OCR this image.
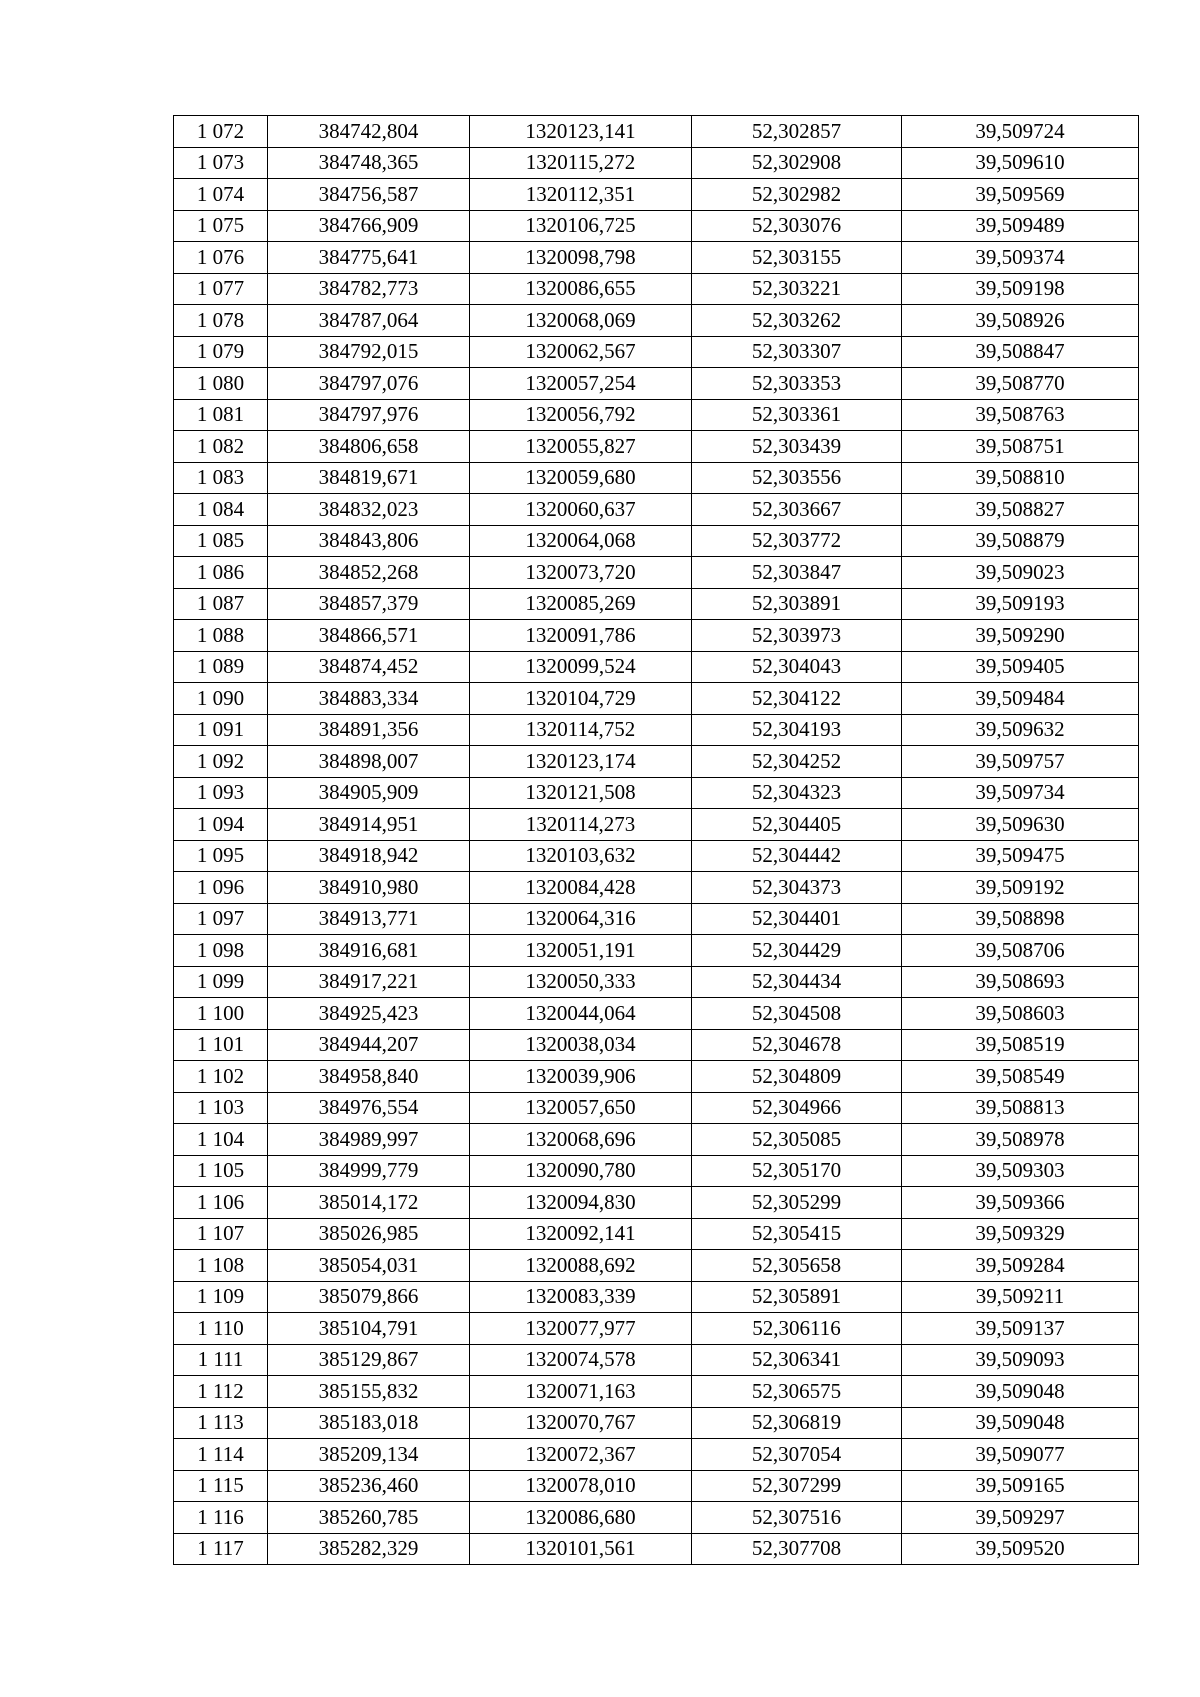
1 072	384742,804	1320123,141	52,302857	39,509724
1 073	384748,365	1320115,272	52,302908	39,509610
1 074	384756,587	1320112,351	52,302982	39,509569
1 075	384766,909	1320106,725	52,303076	39,509489
1 076	384775,641	1320098,798	52,303155	39,509374
1 077	384782,773	1320086,655	52,303221	39,509198
1 078	384787,064	1320068,069	52,303262	39,508926
1 079	384792,015	1320062,567	52,303307	39,508847
1 080	384797,076	1320057,254	52,303353	39,508770
1 081	384797,976	1320056,792	52,303361	39,508763
1 082	384806,658	1320055,827	52,303439	39,508751
1 083	384819,671	1320059,680	52,303556	39,508810
1 084	384832,023	1320060,637	52,303667	39,508827
1 085	384843,806	1320064,068	52,303772	39,508879
1 086	384852,268	1320073,720	52,303847	39,509023
1 087	384857,379	1320085,269	52,303891	39,509193
1 088	384866,571	1320091,786	52,303973	39,509290
1 089	384874,452	1320099,524	52,304043	39,509405
1 090	384883,334	1320104,729	52,304122	39,509484
1 091	384891,356	1320114,752	52,304193	39,509632
1 092	384898,007	1320123,174	52,304252	39,509757
1 093	384905,909	1320121,508	52,304323	39,509734
1 094	384914,951	1320114,273	52,304405	39,509630
1 095	384918,942	1320103,632	52,304442	39,509475
1 096	384910,980	1320084,428	52,304373	39,509192
1 097	384913,771	1320064,316	52,304401	39,508898
1 098	384916,681	1320051,191	52,304429	39,508706
1 099	384917,221	1320050,333	52,304434	39,508693
1 100	384925,423	1320044,064	52,304508	39,508603
1 101	384944,207	1320038,034	52,304678	39,508519
1 102	384958,840	1320039,906	52,304809	39,508549
1 103	384976,554	1320057,650	52,304966	39,508813
1 104	384989,997	1320068,696	52,305085	39,508978
1 105	384999,779	1320090,780	52,305170	39,509303
1 106	385014,172	1320094,830	52,305299	39,509366
1 107	385026,985	1320092,141	52,305415	39,509329
1 108	385054,031	1320088,692	52,305658	39,509284
1 109	385079,866	1320083,339	52,305891	39,509211
1 110	385104,791	1320077,977	52,306116	39,509137
1 111	385129,867	1320074,578	52,306341	39,509093
1 112	385155,832	1320071,163	52,306575	39,509048
1 113	385183,018	1320070,767	52,306819	39,509048
1 114	385209,134	1320072,367	52,307054	39,509077
1 115	385236,460	1320078,010	52,307299	39,509165
1 116	385260,785	1320086,680	52,307516	39,509297
1 117	385282,329	1320101,561	52,307708	39,509520
